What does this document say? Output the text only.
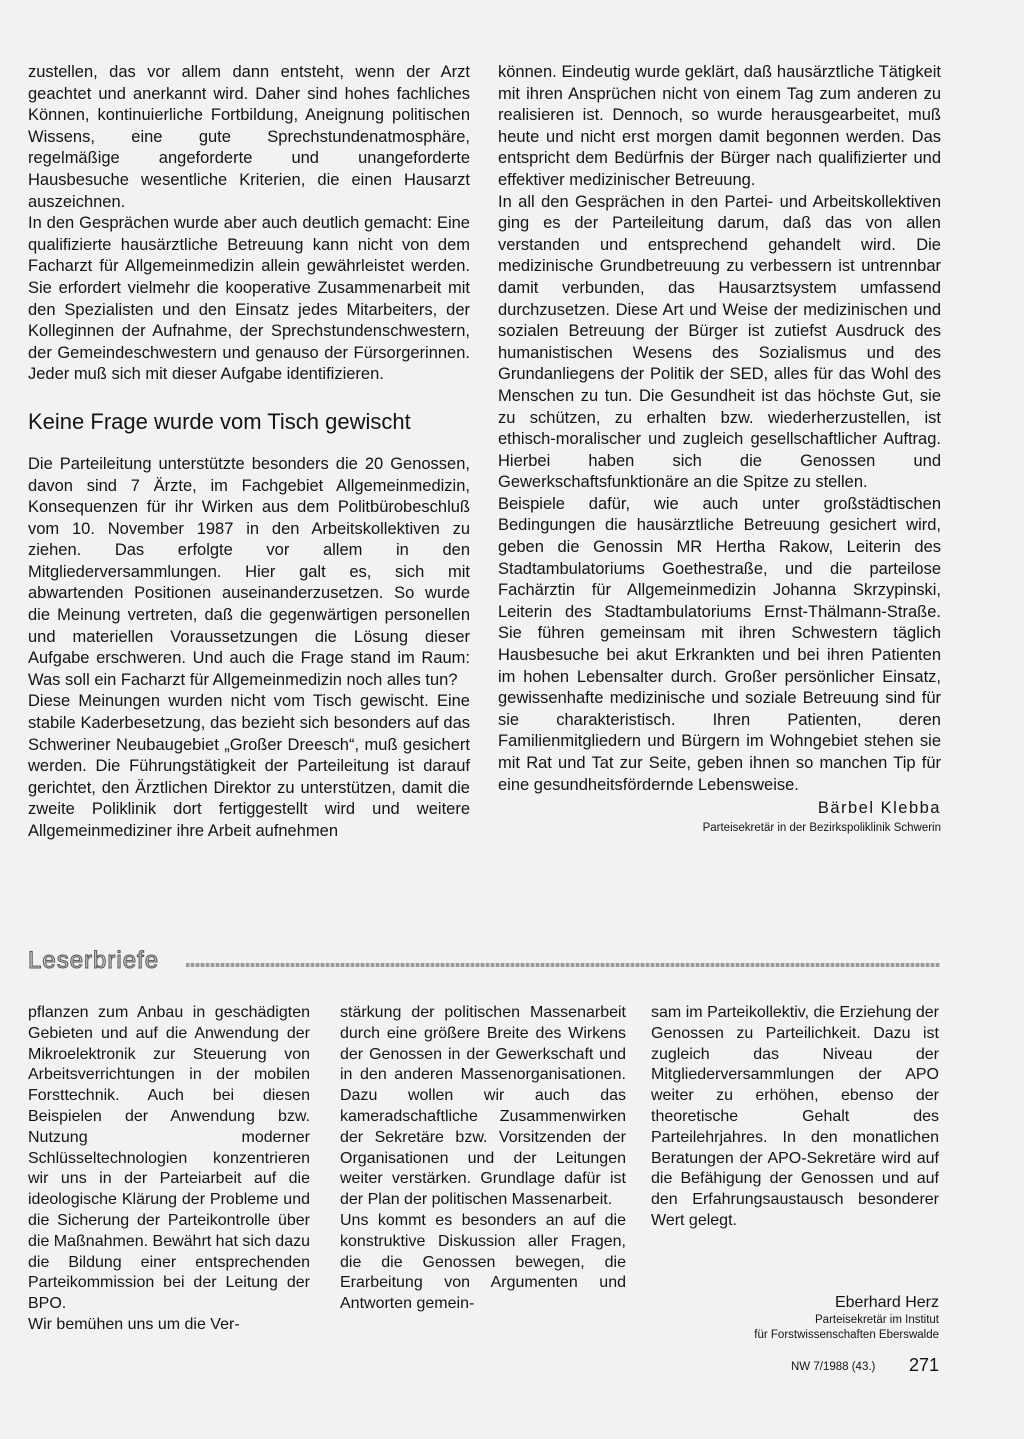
zustellen, das vor allem dann entsteht, wenn der Arzt geachtet und anerkannt wird. Daher sind hohes fachliches Können, kontinuierliche Fortbildung, Aneignung politischen Wissens, eine gute Sprechstundenatmosphäre, regelmäßige angeforderte und unangeforderte Hausbesuche wesentliche Kriterien, die einen Hausarzt auszeichnen.

In den Gesprächen wurde aber auch deutlich gemacht: Eine qualifizierte hausärztliche Betreuung kann nicht von dem Facharzt für Allgemeinmedizin allein gewährleistet werden. Sie erfordert vielmehr die kooperative Zusammenarbeit mit den Spezialisten und den Einsatz jedes Mitarbeiters, der Kolleginnen der Aufnahme, der Sprechstundenschwestern, der Gemeindeschwestern und genauso der Fürsorgerinnen. Jeder muß sich mit dieser Aufgabe identifizieren.

Keine Frage wurde vom Tisch gewischt

Die Parteileitung unterstützte besonders die 20 Genossen, davon sind 7 Ärzte, im Fachgebiet Allgemeinmedizin, Konsequenzen für ihr Wirken aus dem Politbürobeschluß vom 10. November 1987 in den Arbeitskollektiven zu ziehen. Das erfolgte vor allem in den Mitgliederversammlungen. Hier galt es, sich mit abwartenden Positionen auseinanderzusetzen. So wurde die Meinung vertreten, daß die gegenwärtigen personellen und materiellen Voraussetzungen die Lösung dieser Aufgabe erschweren. Und auch die Frage stand im Raum: Was soll ein Facharzt für Allgemeinmedizin noch alles tun?

Diese Meinungen wurden nicht vom Tisch gewischt. Eine stabile Kaderbesetzung, das bezieht sich besonders auf das Schweriner Neubaugebiet „Großer Dreesch“, muß gesichert werden. Die Führungstätigkeit der Parteileitung ist darauf gerichtet, den Ärztlichen Direktor zu unterstützen, damit die zweite Poliklinik dort fertiggestellt wird und weitere Allgemeinmediziner ihre Arbeit aufnehmen

können. Eindeutig wurde geklärt, daß hausärztliche Tätigkeit mit ihren Ansprüchen nicht von einem Tag zum anderen zu realisieren ist. Dennoch, so wurde herausgearbeitet, muß heute und nicht erst morgen damit begonnen werden. Das entspricht dem Bedürfnis der Bürger nach qualifizierter und effektiver medizinischer Betreuung.

In all den Gesprächen in den Partei- und Arbeitskollektiven ging es der Parteileitung darum, daß das von allen verstanden und entsprechend gehandelt wird. Die medizinische Grundbetreuung zu verbessern ist untrennbar damit verbunden, das Hausarztsystem umfassend durchzusetzen. Diese Art und Weise der medizinischen und sozialen Betreuung der Bürger ist zutiefst Ausdruck des humanistischen Wesens des Sozialismus und des Grundanliegens der Politik der SED, alles für das Wohl des Menschen zu tun. Die Gesundheit ist das höchste Gut, sie zu schützen, zu erhalten bzw. wiederherzustellen, ist ethisch-moralischer und zugleich gesellschaftlicher Auftrag. Hierbei haben sich die Genossen und Gewerkschaftsfunktionäre an die Spitze zu stellen.

Beispiele dafür, wie auch unter großstädtischen Bedingungen die hausärztliche Betreuung gesichert wird, geben die Genossin MR Hertha Rakow, Leiterin des Stadtambulatoriums Goethestraße, und die parteilose Fachärztin für Allgemeinmedizin Johanna Skrzypinski, Leiterin des Stadtambulatoriums Ernst-Thälmann-Straße. Sie führen gemeinsam mit ihren Schwestern täglich Hausbesuche bei akut Erkrankten und bei ihren Patienten im hohen Lebensalter durch. Großer persönlicher Einsatz, gewissenhafte medizinische und soziale Betreuung sind für sie charakteristisch. Ihren Patienten, deren Familienmitgliedern und Bürgern im Wohngebiet stehen sie mit Rat und Tat zur Seite, geben ihnen so manchen Tip für eine gesundheitsfördernde Lebensweise.

Bärbel Klebba
Parteisekretär in der Bezirkspoliklinik Schwerin
Leserbriefe

pflanzen zum Anbau in geschädigten Gebieten und auf die Anwendung der Mikroelektronik zur Steuerung von Arbeitsverrichtungen in der mobilen Forsttechnik. Auch bei diesen Beispielen der Anwendung bzw. Nutzung moderner Schlüsseltechnologien konzentrieren wir uns in der Parteiarbeit auf die ideologische Klärung der Probleme und die Sicherung der Parteikontrolle über die Maßnahmen. Bewährt hat sich dazu die Bildung einer entsprechenden Parteikommission bei der Leitung der BPO.

Wir bemühen uns um die Ver-

stärkung der politischen Massenarbeit durch eine größere Breite des Wirkens der Genossen in der Gewerkschaft und in den anderen Massenorganisationen. Dazu wollen wir auch das kameradschaftliche Zusammenwirken der Sekretäre bzw. Vorsitzenden der Organisationen und der Leitungen weiter verstärken. Grundlage dafür ist der Plan der politischen Massenarbeit.

Uns kommt es besonders an auf die konstruktive Diskussion aller Fragen, die die Genossen bewegen, die Erarbeitung von Argumenten und Antworten gemein-

sam im Parteikollektiv, die Erziehung der Genossen zu Parteilichkeit. Dazu ist zugleich das Niveau der Mitgliederversammlungen der APO weiter zu erhöhen, ebenso der theoretische Gehalt des Parteilehrjahres. In den monatlichen Beratungen der APO-Sekretäre wird auf die Befähigung der Genossen und auf den Erfahrungsaustausch besonderer Wert gelegt.

Eberhard Herz
Parteisekretär im Institut
für Forstwissenschaften Eberswalde
NW 7/1988 (43.) 271
